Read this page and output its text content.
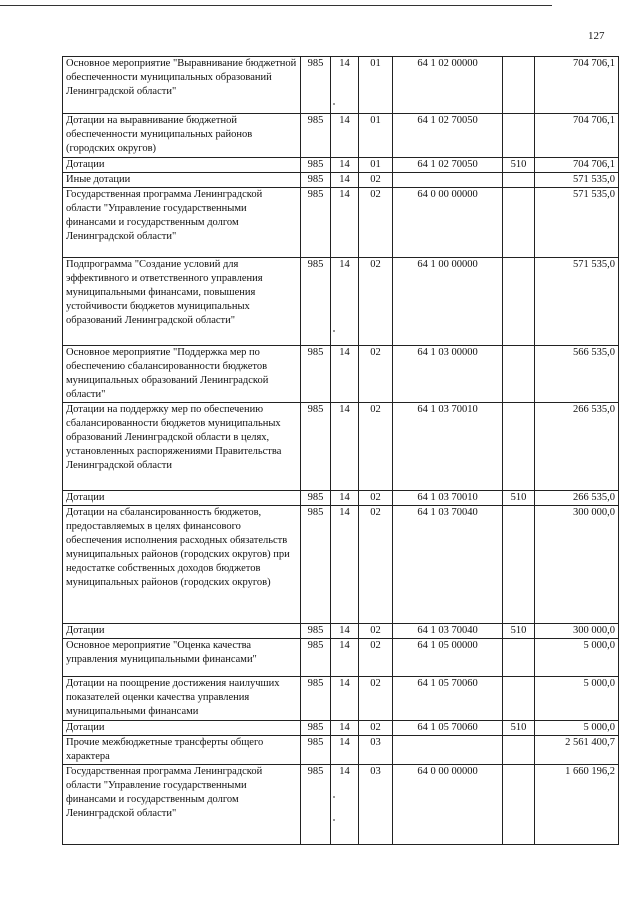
127
Основное мероприятие "Выравнивание бюджетной обеспеченности муниципальных образований Ленинградской области"	985	14	01	64 1 02 00000		704 706,1
Дотации на выравнивание бюджетной обеспеченности муниципальных районов (городских округов)	985	14	01	64 1 02 70050		704 706,1
Дотации	985	14	01	64 1 02 70050	510	704 706,1
Иные дотации	985	14	02			571 535,0
Государственная программа Ленинградской области "Управление государственными финансами и государственным долгом Ленинградской области"	985	14	02	64 0 00 00000		571 535,0
Подпрограмма "Создание условий для эффективного и ответственного управления муниципальными финансами, повышения устойчивости бюджетов муниципальных образований Ленинградской области"	985	14	02	64 1 00 00000		571 535,0
Основное мероприятие "Поддержка мер по обеспечению сбалансированности бюджетов муниципальных образований Ленинградской области"	985	14	02	64 1 03 00000		566 535,0
Дотации на поддержку мер по обеспечению сбалансированности бюджетов муниципальных образований Ленинградской области в целях, установленных распоряжениями Правительства Ленинградской области	985	14	02	64 1 03 70010		266 535,0
Дотации	985	14	02	64 1 03 70010	510	266 535,0
Дотации на сбалансированность бюджетов, предоставляемых в целях финансового обеспечения исполнения расходных обязательств муниципальных районов (городских округов) при недостатке собственных доходов бюджетов муниципальных районов (городских округов)	985	14	02	64 1 03 70040		300 000,0
Дотации	985	14	02	64 1 03 70040	510	300 000,0
Основное мероприятие "Оценка качества управления муниципальными финансами"	985	14	02	64 1 05 00000		5 000,0
Дотации на поощрение достижения наилучших показателей оценки качества управления муниципальными финансами	985	14	02	64 1 05 70060		5 000,0
Дотации	985	14	02	64 1 05 70060	510	5 000,0
Прочие межбюджетные трансферты общего характера	985	14	03			2 561 400,7
Государственная программа Ленинградской области "Управление государственными финансами и государственным долгом Ленинградской области"	985	14	03	64 0 00 00000		1 660 196,2
